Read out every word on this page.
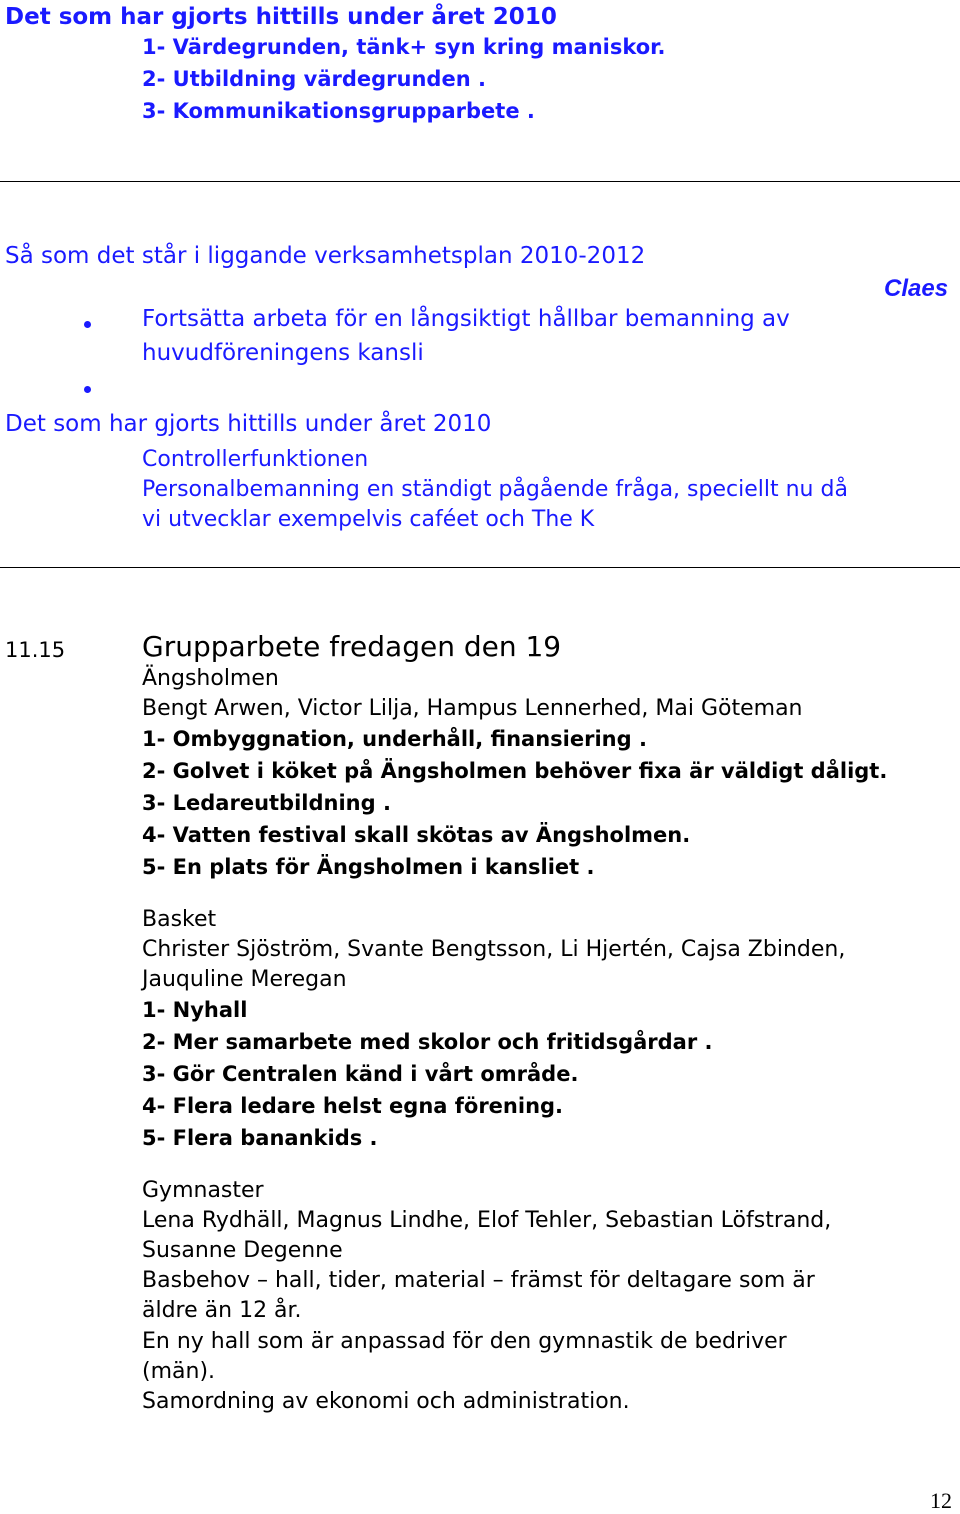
Det som har gjorts hittills under året 2010
1- Värdegrunden, tänk+ syn kring maniskor.
2- Utbildning värdegrunden .
3- Kommunikationsgrupparbete .
Så som det står i liggande verksamhetsplan 2010-2012
Claes
Fortsätta arbeta för en långsiktigt hållbar bemanning av
huvudföreningens kansli
Det som har gjorts hittills under året 2010
Controllerfunktionen
Personalbemanning en ständigt pågående fråga, speciellt nu då
vi utvecklar exempelvis caféet och The K
11.15	Grupparbete fredagen den 19
Ängsholmen
Bengt Arwen, Victor Lilja, Hampus Lennerhed, Mai Göteman
1- Ombyggnation, underhåll, finansiering .
2- Golvet i köket på Ängsholmen behöver fixa är väldigt dåligt.
3- Ledareutbildning .
4- Vatten festival skall skötas av Ängsholmen.
5- En plats för Ängsholmen i kansliet .
Basket
Christer Sjöström, Svante Bengtsson, Li Hjertén, Cajsa Zbinden,
Jauquline Meregan
1- Nyhall
2- Mer samarbete med skolor och fritidsgårdar .
3- Gör Centralen känd i vårt område.
4- Flera ledare helst egna förening.
5- Flera banankids .
Gymnaster
Lena Rydhäll, Magnus Lindhe, Elof Tehler, Sebastian Löfstrand,
Susanne Degenne
Basbehov – hall, tider, material – främst för deltagare som är
äldre än 12 år.
En ny hall som är anpassad för den gymnastik de bedriver
(män).
Samordning av ekonomi och administration.
12
